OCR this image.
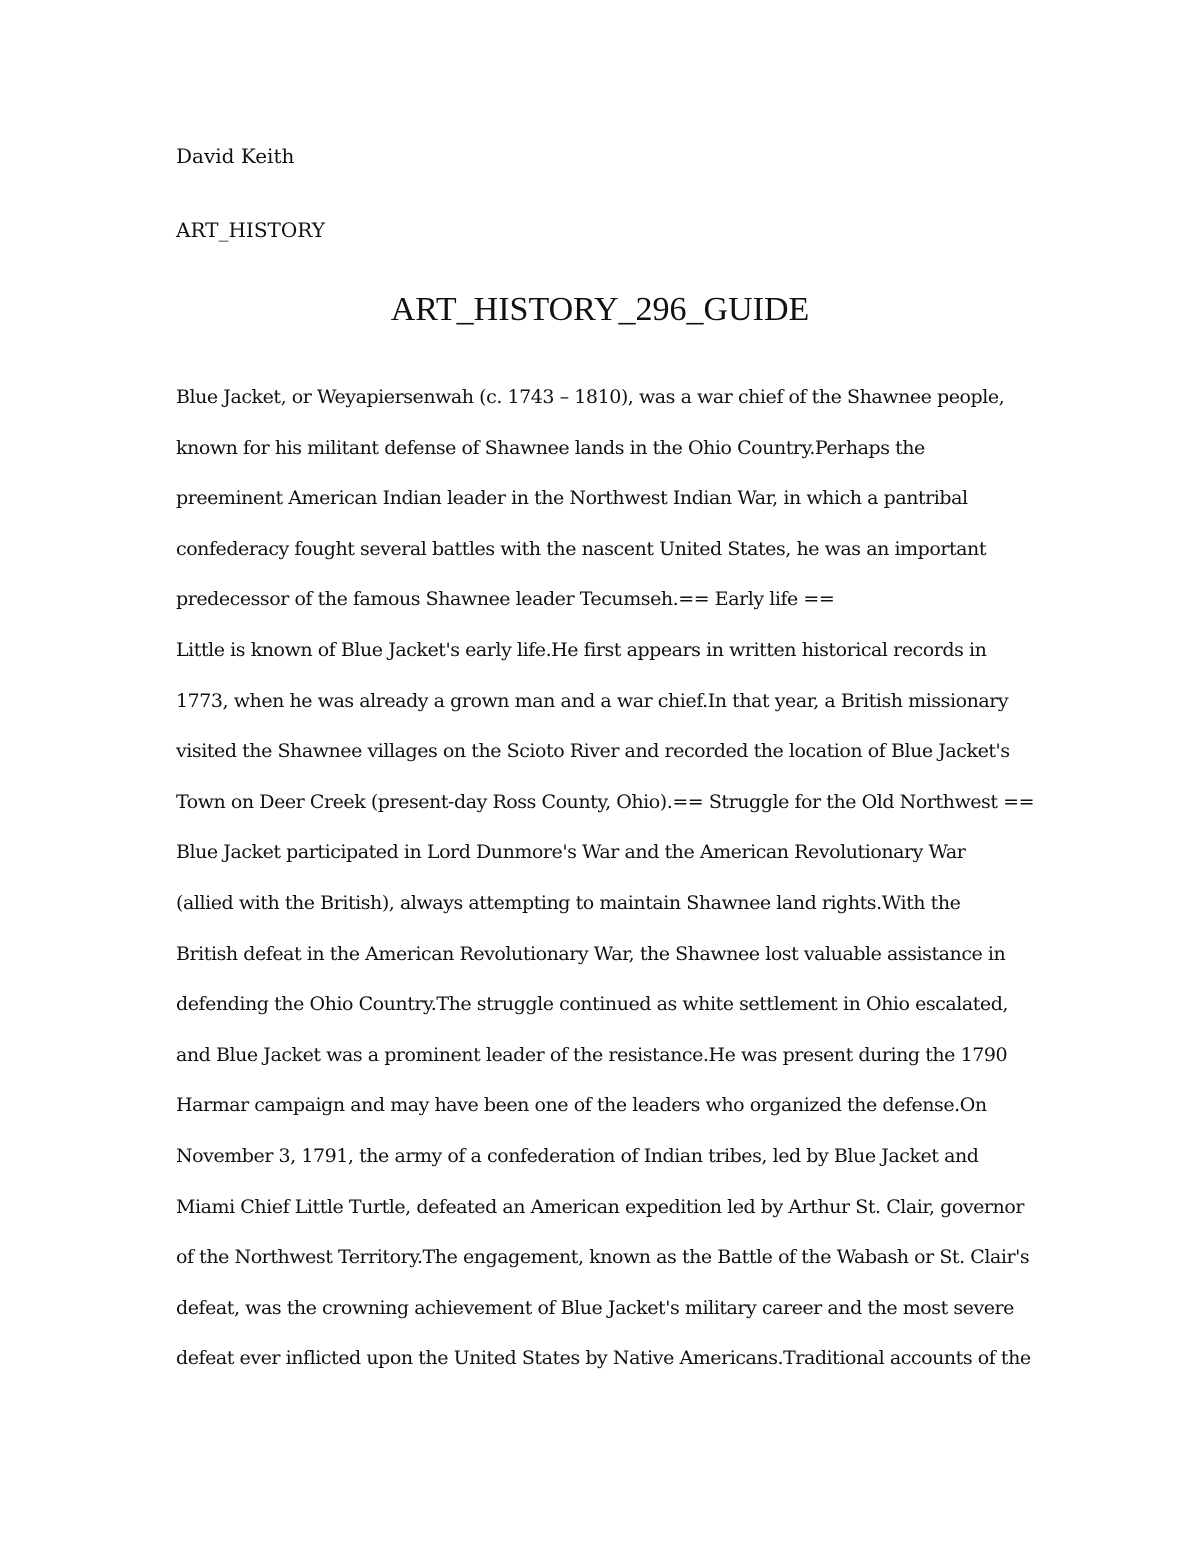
David Keith
ART_HISTORY
ART_HISTORY_296_GUIDE
Blue Jacket, or Weyapiersenwah (c. 1743 – 1810), was a war chief of the Shawnee people,
known for his militant defense of Shawnee lands in the Ohio Country.Perhaps the
preeminent American Indian leader in the Northwest Indian War, in which a pantribal
confederacy fought several battles with the nascent United States, he was an important
predecessor of the famous Shawnee leader Tecumseh.== Early life ==
Little is known of Blue Jacket's early life.He first appears in written historical records in
1773, when he was already a grown man and a war chief.In that year, a British missionary
visited the Shawnee villages on the Scioto River and recorded the location of Blue Jacket's
Town on Deer Creek (present-day Ross County, Ohio).== Struggle for the Old Northwest ==
Blue Jacket participated in Lord Dunmore's War and the American Revolutionary War
(allied with the British), always attempting to maintain Shawnee land rights.With the
British defeat in the American Revolutionary War, the Shawnee lost valuable assistance in
defending the Ohio Country.The struggle continued as white settlement in Ohio escalated,
and Blue Jacket was a prominent leader of the resistance.He was present during the 1790
Harmar campaign and may have been one of the leaders who organized the defense.On
November 3, 1791, the army of a confederation of Indian tribes, led by Blue Jacket and
Miami Chief Little Turtle, defeated an American expedition led by Arthur St. Clair, governor
of the Northwest Territory.The engagement, known as the Battle of the Wabash or St. Clair's
defeat, was the crowning achievement of Blue Jacket's military career and the most severe
defeat ever inflicted upon the United States by Native Americans.Traditional accounts of the
